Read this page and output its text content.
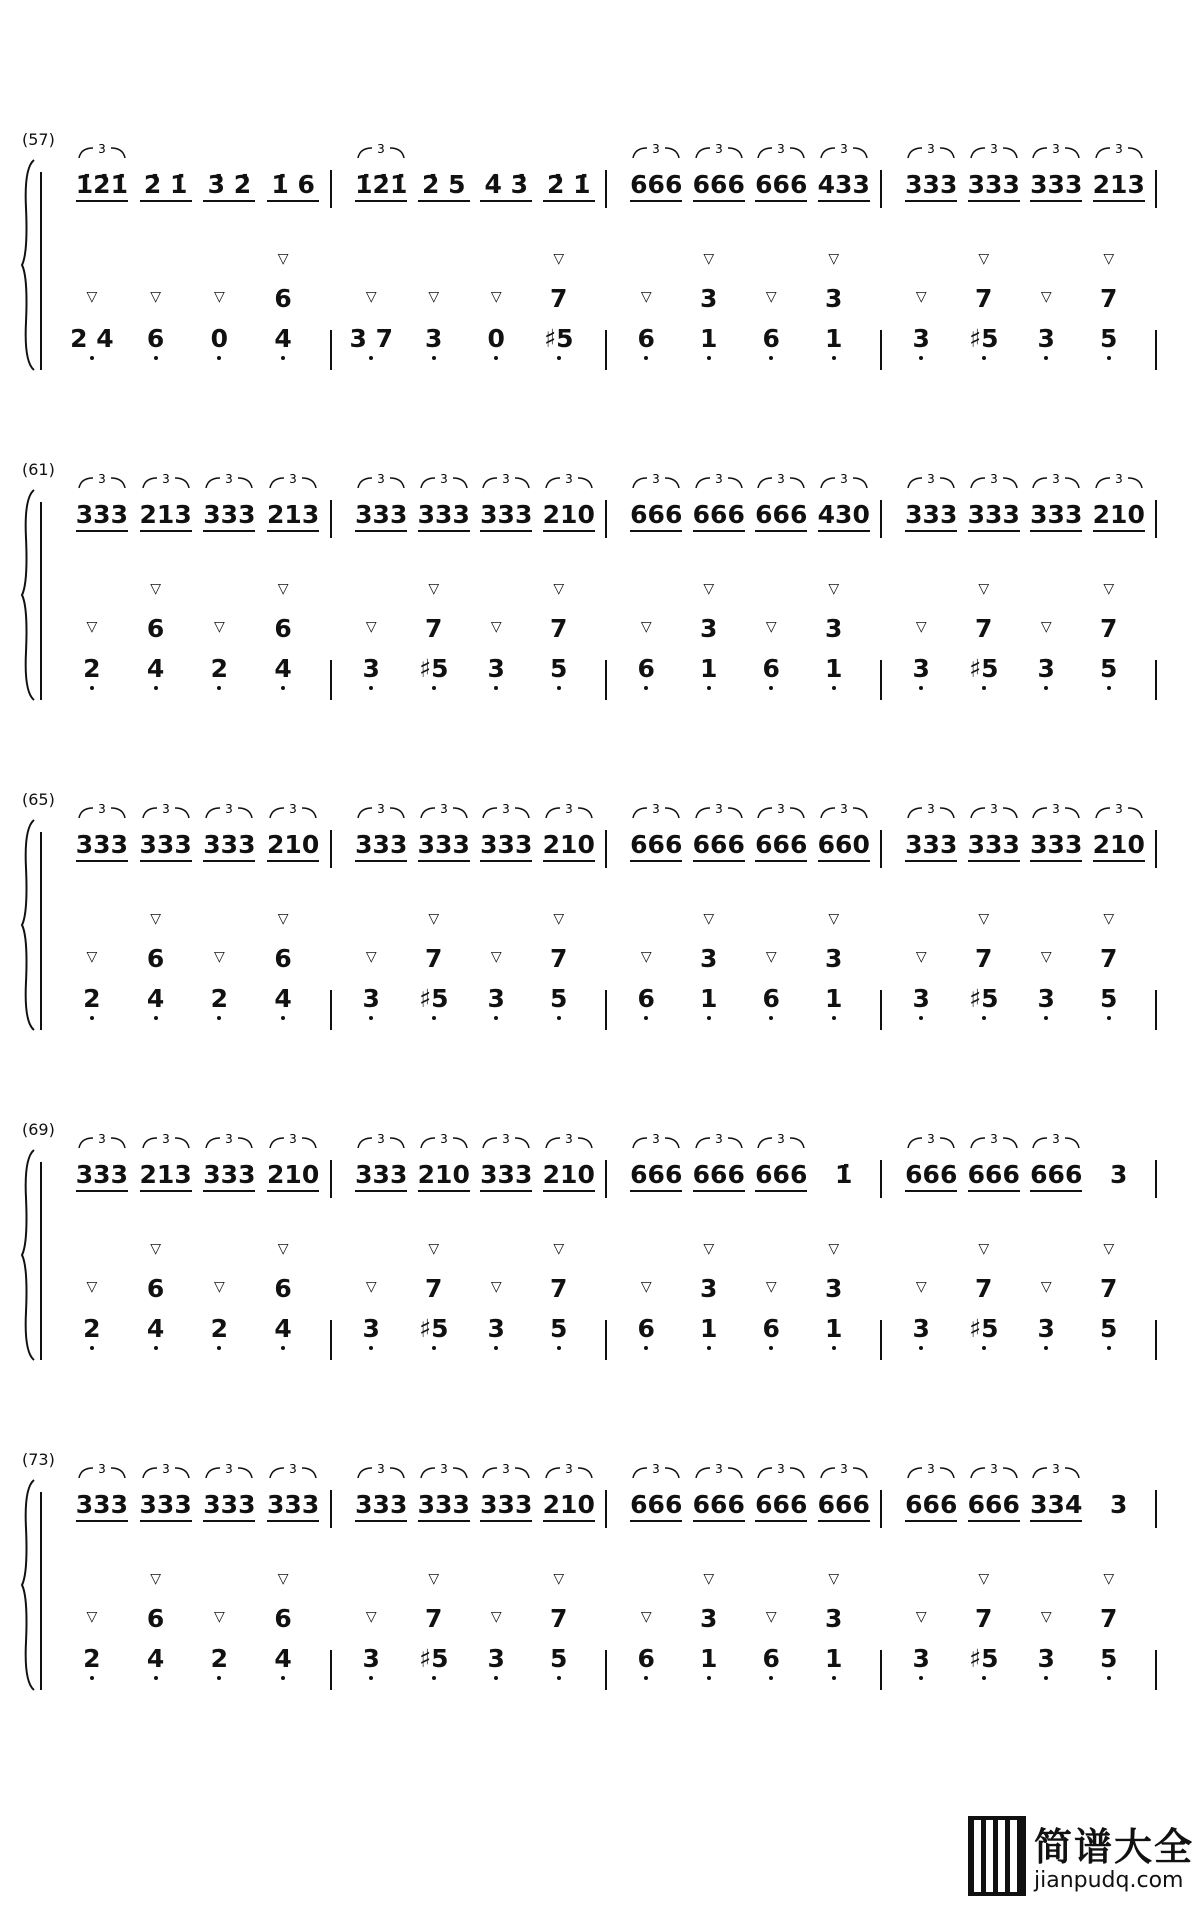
(57)
1̇2̇1̇
3
2̇ 1̇ 3̇ 2̇ 1̇ 6 1̇2̇1̇
3
2̇ 5 4̇ 3̇ 2̇ 1̇ 666
3
666
3
666
3
433
3
333
3
333
3
333
3
213
3
2 4
▽
6
▽
0
▽
4
6
▽
3 7
▽
3
▽
0
▽
♯5
7
▽
6
▽
1
3
▽
6
▽
1
3
▽
3
▽
♯5
7
▽
3
▽
5
7
▽
(61)
333
3
213
3
333
3
213
3
333
3
333
3
333
3
210
3
666
3
666
3
666
3
430
3
333
3
333
3
333
3
210
3
2
▽
4
6
▽
2
▽
4
6
▽
3
▽
♯5
7
▽
3
▽
5
7
▽
6
▽
1
3
▽
6
▽
1
3
▽
3
▽
♯5
7
▽
3
▽
5
7
▽
(65)
333
3
333
3
333
3
210
3
333
3
333
3
333
3
210
3
666
3
666
3
666
3
660
3
333
3
333
3
333
3
210
3
2
▽
4
6
▽
2
▽
4
6
▽
3
▽
♯5
7
▽
3
▽
5
7
▽
6
▽
1
3
▽
6
▽
1
3
▽
3
▽
♯5
7
▽
3
▽
5
7
▽
(69)
333
3
213
3
333
3
210
3
333
3
210
3
333
3
210
3
666
3
666
3
666
3
1̇ 666
3
666
3
666
3
3
2
▽
4
6
▽
2
▽
4
6
▽
3
▽
♯5
7
▽
3
▽
5
7
▽
6
▽
1
3
▽
6
▽
1
3
▽
3
▽
♯5
7
▽
3
▽
5
7
▽
(73)
333
3
333
3
333
3
333
3
333
3
333
3
333
3
210
3
666
3
666
3
666
3
666
3
666
3
666
3
334
3
3
2
▽
4
6
▽
2
▽
4
6
▽
3
▽
♯5
7
▽
3
▽
5
7
▽
6
▽
1
3
▽
6
▽
1
3
▽
3
▽
♯5
7
▽
3
▽
5
7
▽
简谱大全
jianpudq.com
